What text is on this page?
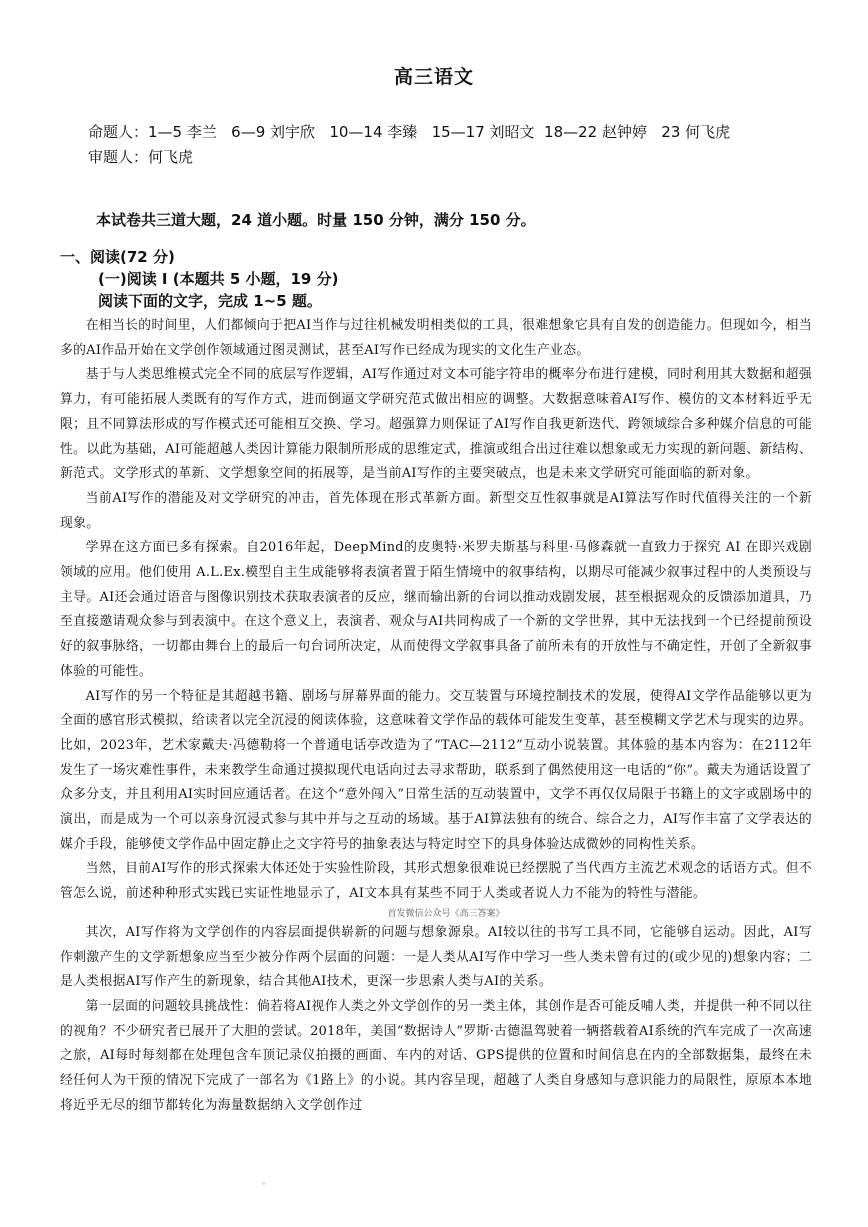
高三语文
命题人：1—5 李兰   6—9 刘宇欣   10—14 李臻   15—17 刘昭文  18—22 赵钟婷   23 何飞虎
审题人：何飞虎
本试卷共三道大题，24 道小题。时量 150 分钟，满分 150 分。
一、阅读(72 分)
(一)阅读 I (本题共 5 小题，19 分)
阅读下面的文字，完成 1~5 题。

在相当长的时间里，人们都倾向于把AI当作与过往机械发明相类似的工具，很难想象它具有自发的创造能力。但现如今，相当多的AI作品开始在文学创作领域通过图灵测试，甚至AI写作已经成为现实的文化生产业态。

基于与人类思维模式完全不同的底层写作逻辑，AI写作通过对文本可能字符串的概率分布进行建模，同时利用其大数据和超强算力，有可能拓展人类既有的写作方式，进而倒逼文学研究范式做出相应的调整。大数据意味着AI写作、模仿的文本材料近乎无限；且不同算法形成的写作模式还可能相互交换、学习。超强算力则保证了AI写作自我更新迭代、跨领域综合多种媒介信息的可能性。以此为基础，AI可能超越人类因计算能力限制所形成的思维定式，推演或组合出过往难以想象或无力实现的新问题、新结构、新范式。文学形式的革新、文学想象空间的拓展等，是当前AI写作的主要突破点，也是未来文学研究可能面临的新对象。

当前AI写作的潜能及对文学研究的冲击，首先体现在形式革新方面。新型交互性叙事就是AI算法写作时代值得关注的一个新现象。

学界在这方面已多有探索。自2016年起，DeepMind的皮奥特·米罗夫斯基与科里·马修森就一直致力于探究 AI 在即兴戏剧领域的应用。他们使用 A.L.Ex.模型自主生成能够将表演者置于陌生情境中的叙事结构，以期尽可能减少叙事过程中的人类预设与主导。AI还会通过语音与图像识别技术获取表演者的反应，继而输出新的台词以推动戏剧发展，甚至根据观众的反馈添加道具，乃至直接邀请观众参与到表演中。在这个意义上，表演者、观众与AI共同构成了一个新的文学世界，其中无法找到一个已经提前预设好的叙事脉络，一切都由舞台上的最后一句台词所决定，从而使得文学叙事具备了前所未有的开放性与不确定性，开创了全新叙事体验的可能性。

AI写作的另一个特征是其超越书籍、剧场与屏幕界面的能力。交互装置与环境控制技术的发展，使得AI文学作品能够以更为全面的感官形式模拟，给读者以完全沉浸的阅读体验，这意味着文学作品的载体可能发生变革，甚至模糊文学艺术与现实的边界。比如，2023年，艺术家戴夫·冯德勒将一个普通电话亭改造为了“TAC—2112”互动小说装置。其体验的基本内容为：在2112年发生了一场灾难性事件，未来教学生命通过摸拟现代电话向过去寻求帮助，联系到了偶然使用这一电话的“你”。戴夫为通话设置了众多分支，并且利用AI实时回应通话者。在这个“意外闯入”日常生活的互动装置中，文学不再仅仅局限于书籍上的文字或剧场中的演出，而是成为一个可以亲身沉浸式参与其中并与之互动的场域。基于AI算法独有的统合、综合之力，AI写作丰富了文学表达的媒介手段，能够使文学作品中固定静止之文字符号的抽象表达与特定时空下的具身体验达成微妙的同构性关系。

当然，目前AI写作的形式探索大体还处于实验性阶段，其形式想象很难说已经摆脱了当代西方主流艺术观念的话语方式。但不管怎么说，前述种种形式实践已实证性地显示了，AI文本具有某些不同于人类或者说人力不能为的特性与潜能。

首发微信公众号《高三答案》

其次，AI写作将为文学创作的内容层面提供崭新的问题与想象源泉。AI较以往的书写工具不同，它能够自运动。因此，AI写作刺激产生的文学新想象应当至少被分作两个层面的问题：一是人类从AI写作中学习一些人类未曾有过的(或少见的)想象内容；二是人类根据AI写作产生的新现象，结合其他AI技术，更深一步思索人类与AI的关系。

第一层面的问题较具挑战性：倘若将AI视作人类之外文学创作的另一类主体，其创作是否可能反哺人类，并提供一种不同以往的视角？不少研究者已展开了大胆的尝试。2018年，美国“数据诗人”罗斯·古德温驾驶着一辆搭载着AI系统的汽车完成了一次高速之旅，AI每时每刻都在处理包含车顶记录仪拍摄的画面、车内的对话、GPS提供的位置和时间信息在内的全部数据集，最终在未经任何人为干预的情况下完成了一部名为《1路上》的小说。其内容呈现，超越了人类自身感知与意识能力的局限性，原原本本地将近乎无尽的细节都转化为海量数据纳入文学创作过
